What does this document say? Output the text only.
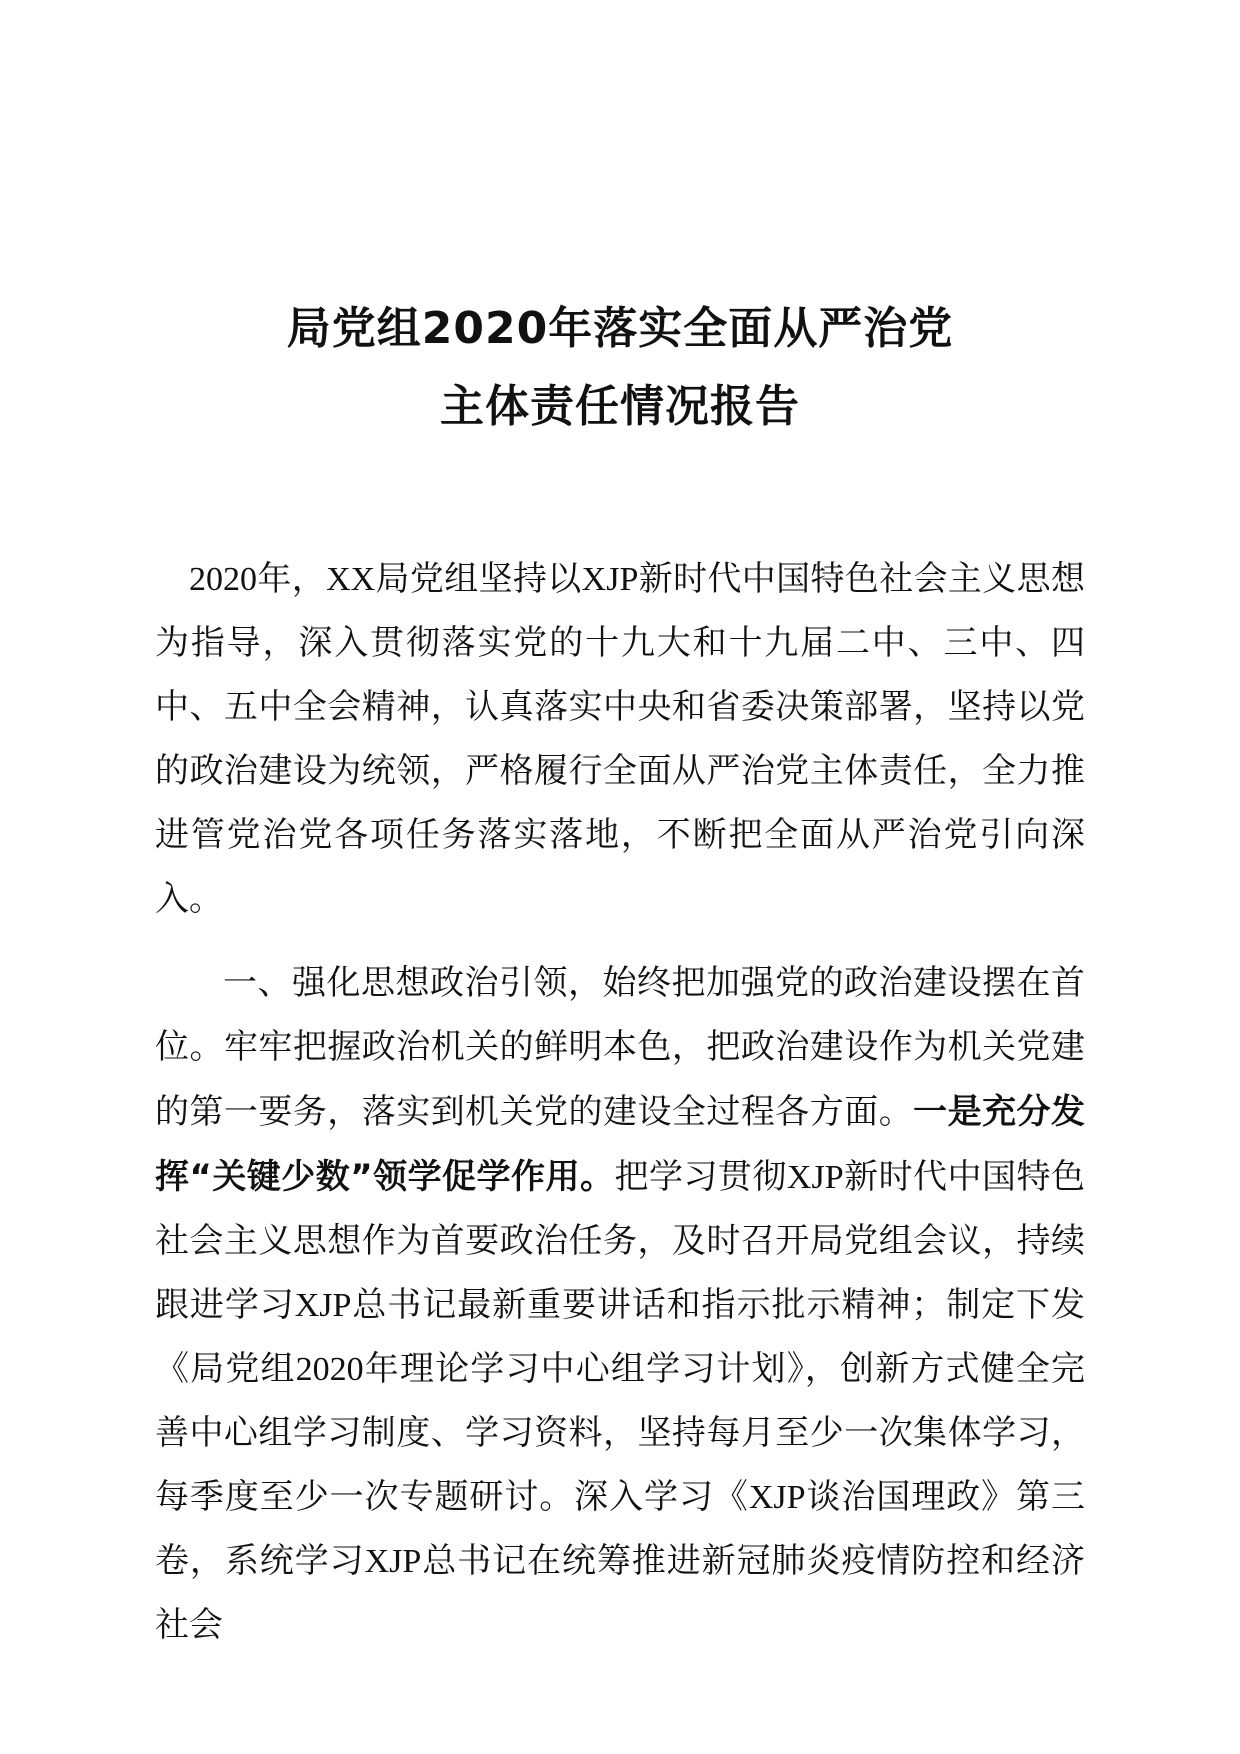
局党组2020年落实全面从严治党
主体责任情况报告

2020年，XX局党组坚持以XJP新时代中国特色社会主义思想为指导，深入贯彻落实党的十九大和十九届二中、三中、四中、五中全会精神，认真落实中央和省委决策部署，坚持以党的政治建设为统领，严格履行全面从严治党主体责任，全力推进管党治党各项任务落实落地，不断把全面从严治党引向深入。

一、强化思想政治引领，始终把加强党的政治建设摆在首位。牢牢把握政治机关的鲜明本色，把政治建设作为机关党建的第一要务，落实到机关党的建设全过程各方面。一是充分发挥“关键少数”领学促学作用。把学习贯彻XJP新时代中国特色社会主义思想作为首要政治任务，及时召开局党组会议，持续跟进学习XJP总书记最新重要讲话和指示批示精神；制定下发《局党组2020年理论学习中心组学习计划》，创新方式健全完善中心组学习制度、学习资料，坚持每月至少一次集体学习，每季度至少一次专题研讨。深入学习《XJP谈治国理政》第三卷，系统学习XJP总书记在统筹推进新冠肺炎疫情防控和经济社会
